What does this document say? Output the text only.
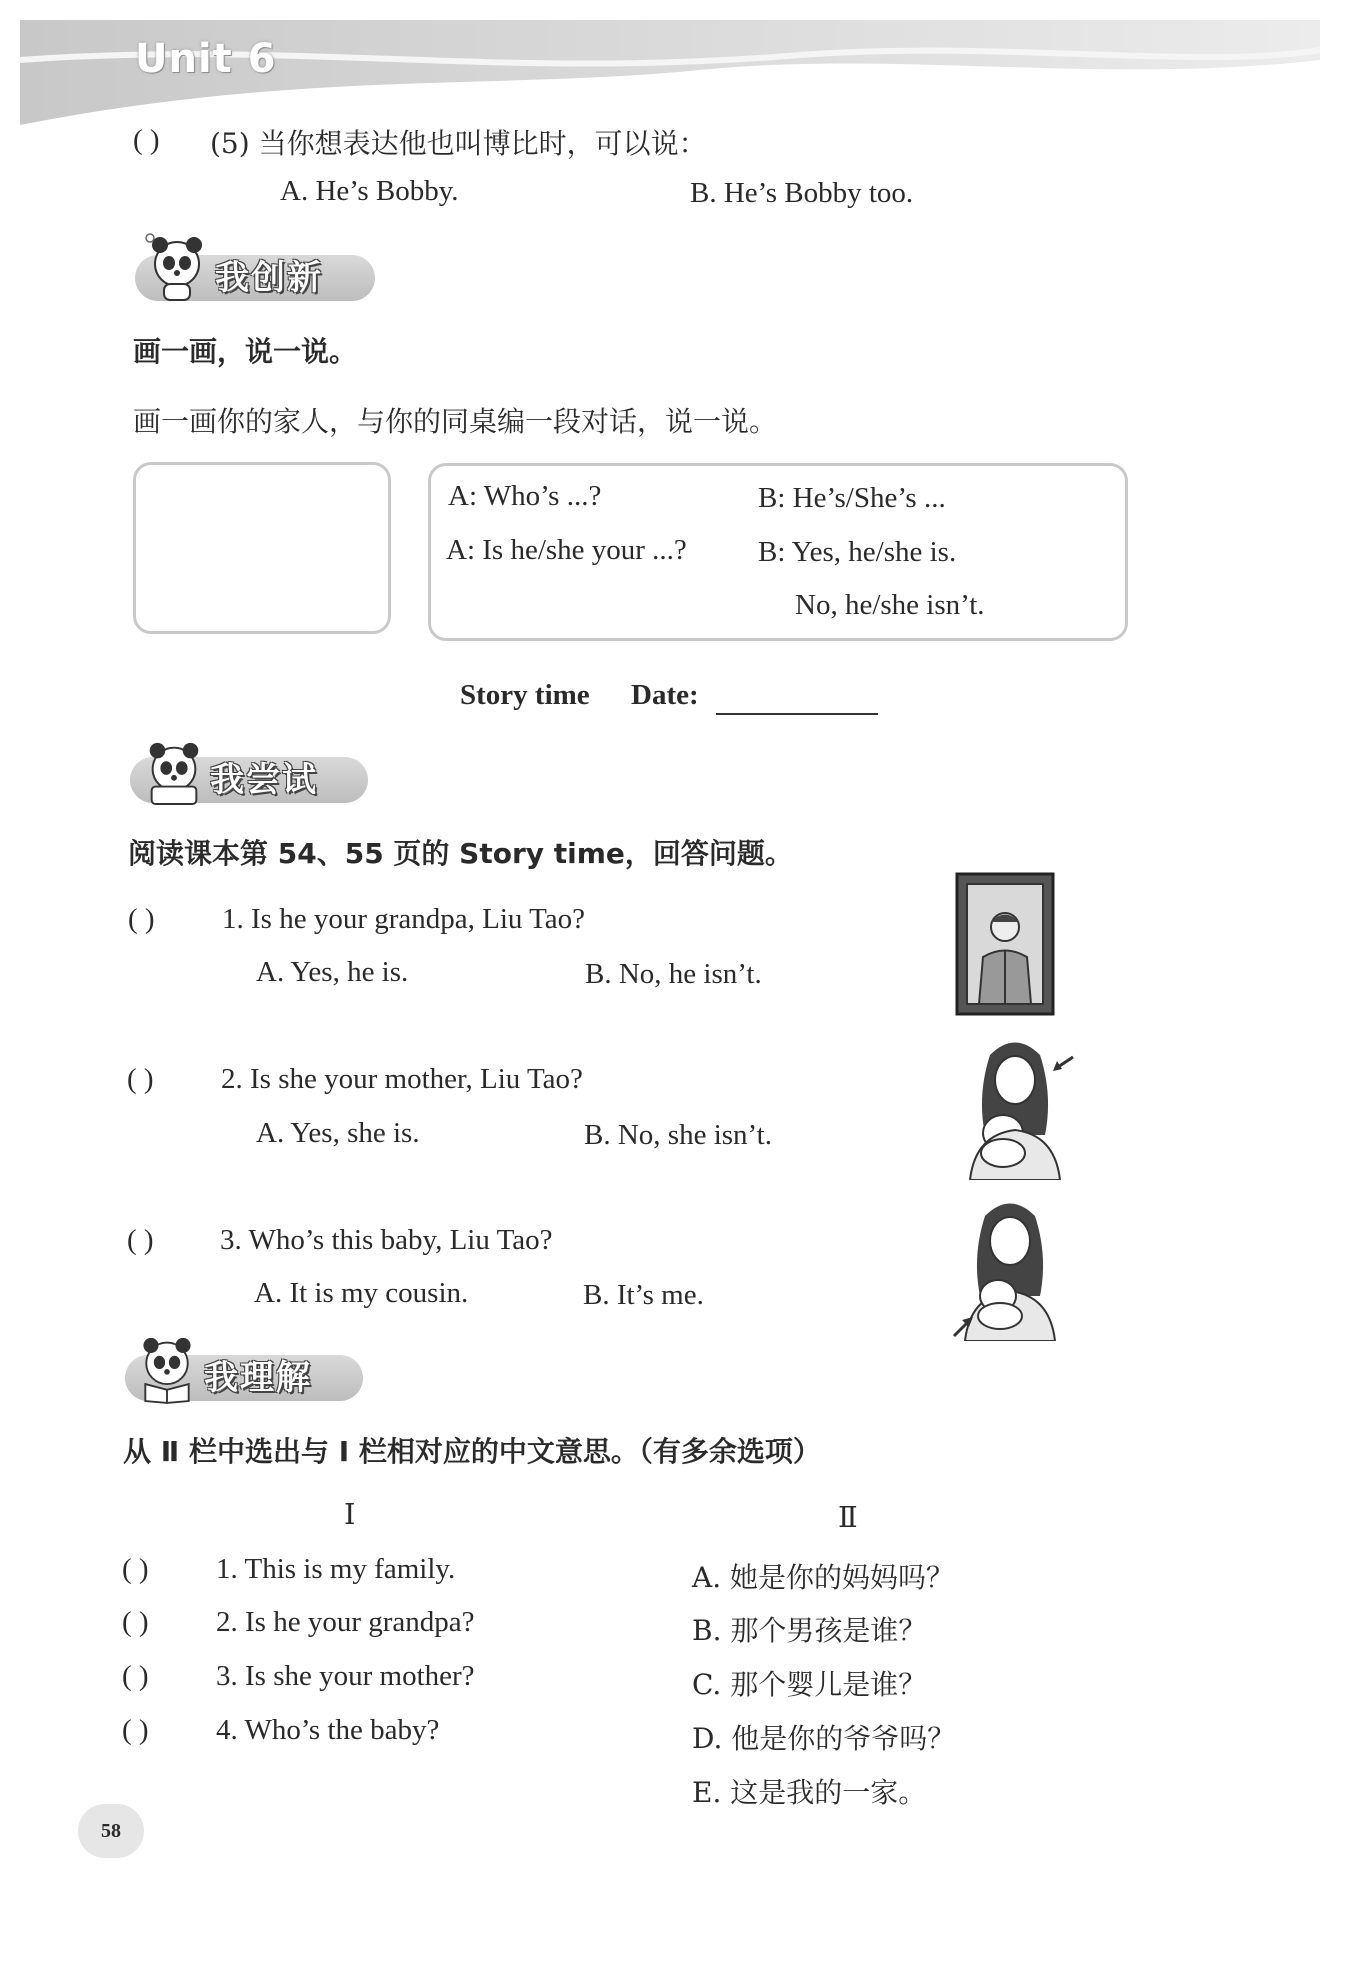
Unit 6
( ) (5) 当你想表达他也叫博比时，可以说：
A. He’s Bobby.	B. He’s Bobby too.
我创新
画一画，说一说。
画一画你的家人，与你的同桌编一段对话，说一说。
A: Who’s ...?	B: He’s/She’s ...
A: Is he/she your ...? B: Yes, he/she is.
No, he/she isn’t.
Story time Date:
我尝试
阅读课本第 54、55 页的 Story time，回答问题。
( ) 1. Is he your grandpa, Liu Tao?
A. Yes, he is.	B. No, he isn’t.
( ) 2. Is she your mother, Liu Tao?
A. Yes, she is.	B. No, she isn’t.
( ) 3. Who’s this baby, Liu Tao?
A. It is my cousin.	B. It’s me.
我理解
从 Ⅱ 栏中选出与 Ⅰ 栏相对应的中文意思。（有多余选项）
Ⅰ	Ⅱ
( ) 1. This is my family.
( ) 2. Is he your grandpa?
( ) 3. Is she your mother?
( ) 4. Who’s the baby?
A. 她是你的妈妈吗？
B. 那个男孩是谁？
C. 那个婴儿是谁？
D. 他是你的爷爷吗？
E. 这是我的一家。
58
